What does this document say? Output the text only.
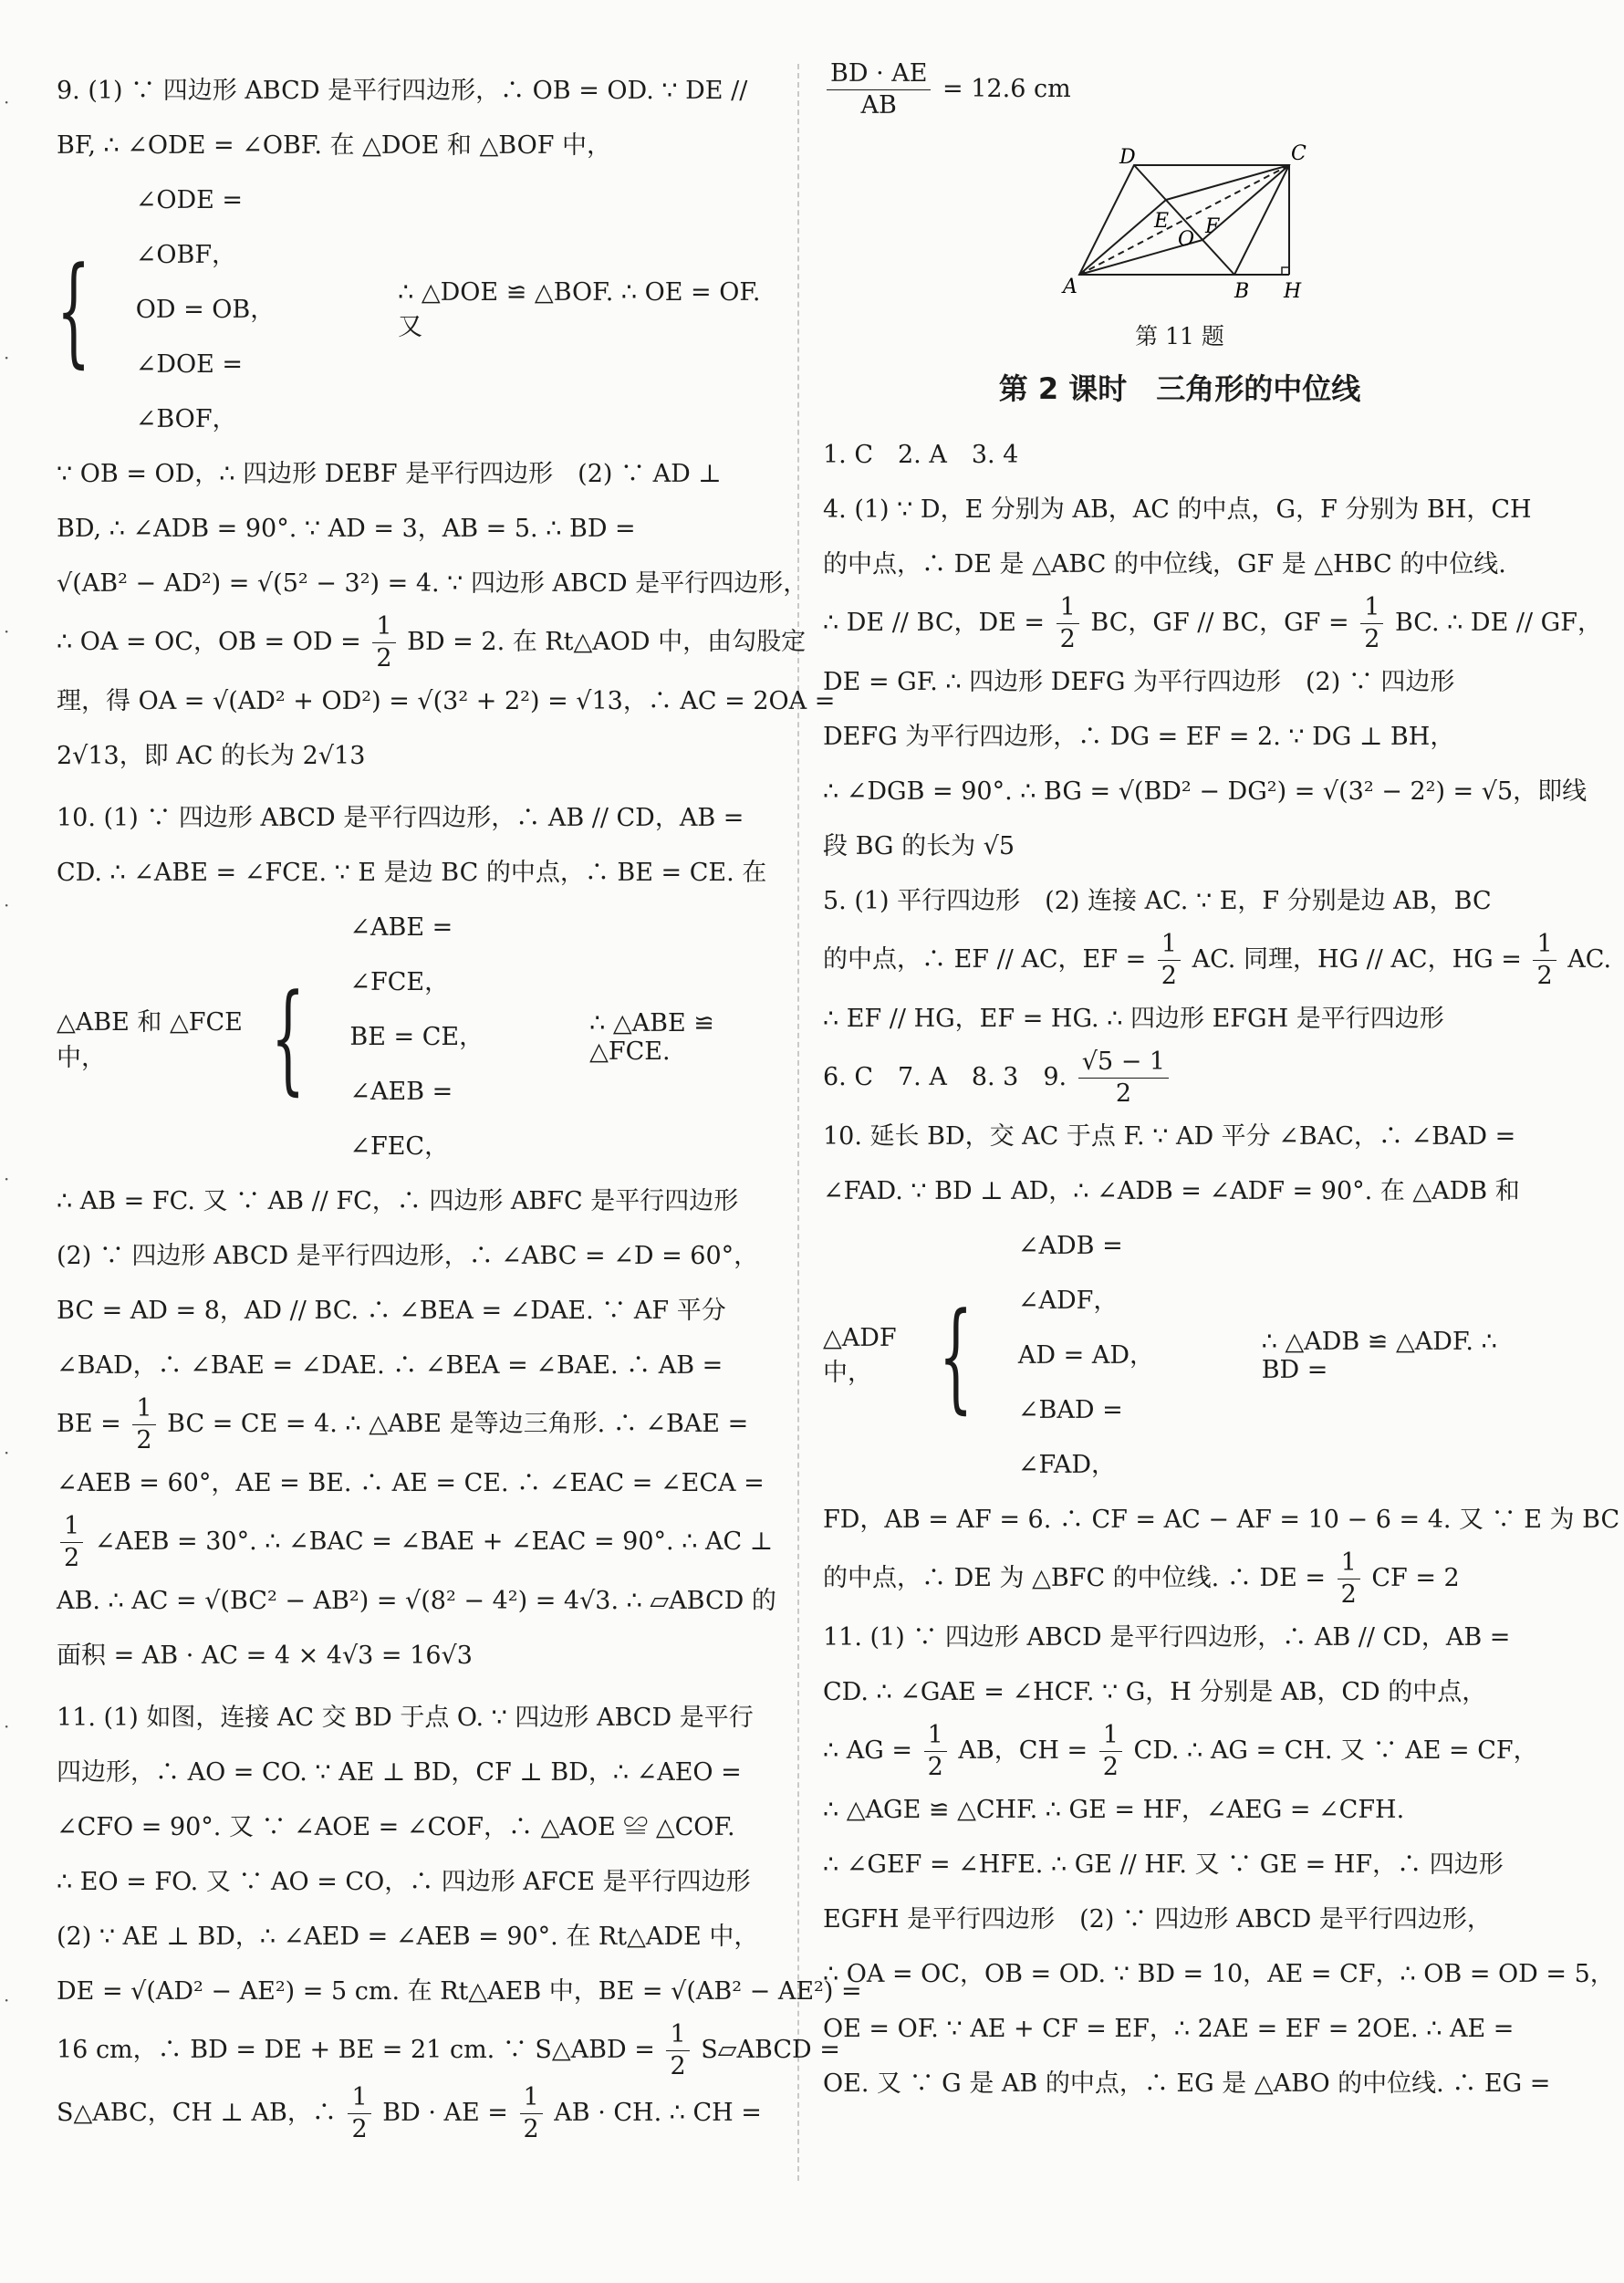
·
·
·
·
·
·
·
·
9. (1) ∵ 四边形 ABCD 是平行四边形，∴ OB = OD. ∵ DE //
BF, ∴ ∠ODE = ∠OBF. 在 △DOE 和 △BOF 中，
{
∠ODE = ∠OBF，
OD = OB，
∠DOE = ∠BOF，
∴ △DOE ≌ △BOF. ∴ OE = OF. 又
∵ OB = OD，∴ 四边形 DEBF 是平行四边形　(2) ∵ AD ⊥
BD, ∴ ∠ADB = 90°. ∵ AD = 3，AB = 5. ∴ BD =
√(AB² − AD²) = √(5² − 3²) = 4. ∵ 四边形 ABCD 是平行四边形，
∴ OA = OC，OB = OD = $\frac{1}{2}$ BD = 2. 在 Rt△AOD 中，由勾股定
理，得 OA = √(AD² + OD²) = √(3² + 2²) = √13，∴ AC = 2OA =
2√13，即 AC 的长为 2√13
10. (1) ∵ 四边形 ABCD 是平行四边形，∴ AB // CD，AB =
CD. ∴ ∠ABE = ∠FCE. ∵ E 是边 BC 的中点，∴ BE = CE. 在
△ABE 和 △FCE 中，	{
∠ABE = ∠FCE，
BE = CE，
∠AEB = ∠FEC，
∴ △ABE ≌ △FCE.
∴ AB = FC. 又 ∵ AB // FC，∴ 四边形 ABFC 是平行四边形
(2) ∵ 四边形 ABCD 是平行四边形，∴ ∠ABC = ∠D = 60°，
BC = AD = 8，AD // BC. ∴ ∠BEA = ∠DAE. ∵ AF 平分
∠BAD，∴ ∠BAE = ∠DAE. ∴ ∠BEA = ∠BAE. ∴ AB =
BE = $\frac{1}{2}$ BC = CE = 4. ∴ △ABE 是等边三角形. ∴ ∠BAE =
∠AEB = 60°，AE = BE. ∴ AE = CE. ∴ ∠EAC = ∠ECA =
$\frac{1}{2}$ ∠AEB = 30°. ∴ ∠BAC = ∠BAE + ∠EAC = 90°. ∴ AC ⊥
AB. ∴ AC = √(BC² − AB²) = √(8² − 4²) = 4√3. ∴ ▱ABCD 的
面积 = AB · AC = 4 × 4√3 = 16√3
11. (1) 如图，连接 AC 交 BD 于点 O. ∵ 四边形 ABCD 是平行
四边形，∴ AO = CO. ∵ AE ⊥ BD，CF ⊥ BD，∴ ∠AEO =
∠CFO = 90°. 又 ∵ ∠AOE = ∠COF，∴ △AOE ≌ △COF.
∴ EO = FO. 又 ∵ AO = CO，∴ 四边形 AFCE 是平行四边形
(2) ∵ AE ⊥ BD，∴ ∠AED = ∠AEB = 90°. 在 Rt△ADE 中，
DE = √(AD² − AE²) = 5 cm. 在 Rt△AEB 中，BE = √(AB² − AE²) =
16 cm，∴ BD = DE + BE = 21 cm. ∵ S△ABD = $\frac{1}{2}$ S▱ABCD =
S△ABC，CH ⊥ AB，∴ $\frac{1}{2}$ BD · AE = $\frac{1}{2}$ AB · CH. ∴ CH =
$\frac{BD \cdot AE}{AB} = 12.6$ cm
D	C
E
O
F
A	B H
第 11 题
第 2 课时　三角形的中位线
1. C　2. A　3. 4
4. (1) ∵ D，E 分别为 AB，AC 的中点，G，F 分别为 BH，CH
的中点，∴ DE 是 △ABC 的中位线，GF 是 △HBC 的中位线.
∴ DE // BC，DE = $\frac{1}{2}$ BC，GF // BC，GF = $\frac{1}{2}$ BC. ∴ DE // GF，
DE = GF. ∴ 四边形 DEFG 为平行四边形　(2) ∵ 四边形
DEFG 为平行四边形，∴ DG = EF = 2. ∵ DG ⊥ BH，
∴ ∠DGB = 90°. ∴ BG = √(BD² − DG²) = √(3² − 2²) = √5，即线
段 BG 的长为 √5
5. (1) 平行四边形　(2) 连接 AC. ∵ E，F 分别是边 AB，BC
的中点，∴ EF // AC，EF = $\frac{1}{2}$ AC. 同理，HG // AC，HG = $\frac{1}{2}$ AC.
∴ EF // HG，EF = HG. ∴ 四边形 EFGH 是平行四边形
6. C　7. A　8. 3　9. $\frac{√5 - 1}{2}$
10. 延长 BD，交 AC 于点 F. ∵ AD 平分 ∠BAC，∴ ∠BAD =
∠FAD. ∵ BD ⊥ AD，∴ ∠ADB = ∠ADF = 90°. 在 △ADB 和
△ADF 中， {
∠ADB = ∠ADF，
AD = AD，
∠BAD = ∠FAD，
∴ △ADB ≌ △ADF. ∴ BD =
FD，AB = AF = 6. ∴ CF = AC − AF = 10 − 6 = 4. 又 ∵ E 为 BC
的中点，∴ DE 为 △BFC 的中位线. ∴ DE = $\frac{1}{2}$ CF = 2
11. (1) ∵ 四边形 ABCD 是平行四边形，∴ AB // CD，AB =
CD. ∴ ∠GAE = ∠HCF. ∵ G，H 分别是 AB，CD 的中点，
∴ AG = $\frac{1}{2}$ AB，CH = $\frac{1}{2}$ CD. ∴ AG = CH. 又 ∵ AE = CF，
∴ △AGE ≌ △CHF. ∴ GE = HF，∠AEG = ∠CFH.
∴ ∠GEF = ∠HFE. ∴ GE // HF. 又 ∵ GE = HF，∴ 四边形
EGFH 是平行四边形　(2) ∵ 四边形 ABCD 是平行四边形，
∴ OA = OC，OB = OD. ∵ BD = 10，AE = CF，∴ OB = OD = 5，
OE = OF. ∵ AE + CF = EF，∴ 2AE = EF = 2OE. ∴ AE =
OE. 又 ∵ G 是 AB 的中点，∴ EG 是 △ABO 的中位线. ∴ EG =
